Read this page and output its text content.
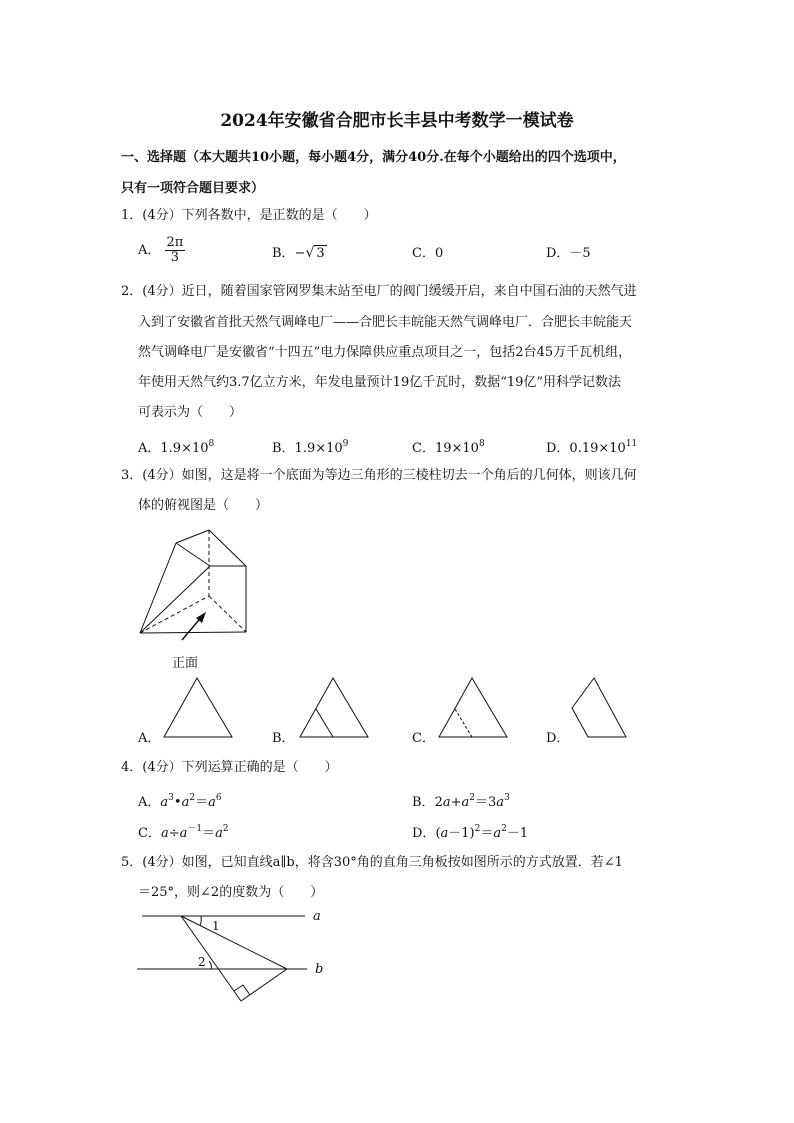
2024年安徽省合肥市长丰县中考数学一模试卷
一、选择题（本大题共10小题，每小题4分，满分40分.在每个小题给出的四个选项中，
只有一项符合题目要求）
1．(4分）下列各数中，是正数的是（　　）
A． $\frac{2\pi}{3}$	B．−√ 3	C．0	D．－5
2．(4分）近日，随着国家管网罗集末站至电厂的阀门缓缓开启，来自中国石油的天然气进
入到了安徽省首批天然气调峰电厂——合肥长丰皖能天然气调峰电厂．合肥长丰皖能天
然气调峰电厂是安徽省“十四五”电力保障供应重点项目之一，包括2台45万千瓦机组，
年使用天然气约3.7亿立方米，年发电量预计19亿千瓦时，数据“19亿”用科学记数法
可表示为（　　）
A．$1.9\times 10^8$	B．$1.9\times 10^9$	C．$19\times 10^8$	D．$0.19\times 10^{11}$
3．(4分）如图，这是将一个底面为等边三角形的三棱柱切去一个角后的几何体，则该几何
体的俯视图是（　　）
正面
A．	B．	C．	D．
4．(4分）下列运算正确的是（　　）
A．$a^3•a^2=a^6$	B．$2a+a^2=3a^3$
C．$a\div a^{-1}=a^2$	D．$(a-1)^2=a^2-1$
5．(4分）如图，已知直线a∥b，将含30°角的直角三角板按如图所示的方式放置．若∠1
＝25°，则∠2的度数为（　　）
a
b
1
2
